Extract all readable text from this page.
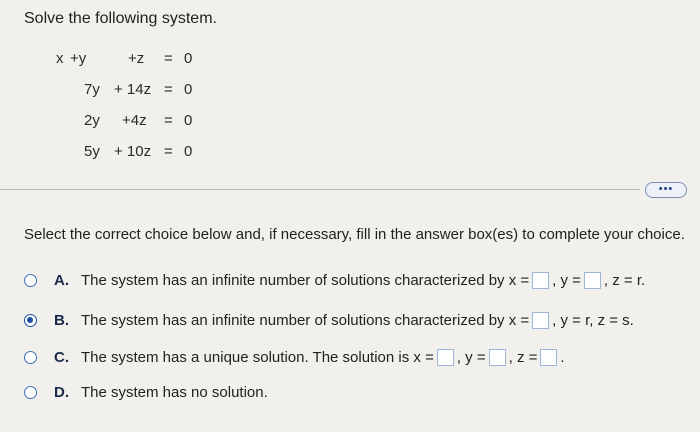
Solve the following system.
x +y	+z = 0
7y + 14z = 0
2y +4z = 0
5y + 10z = 0
•••
Select the correct choice below and, if necessary, fill in the answer box(es) to complete your choice.
A. The system has an infinite number of solutions characterized by x = , y = , z = r.
B. The system has an infinite number of solutions characterized by x = , y = r, z = s.
C. The system has a unique solution. The solution is x = , y = , z = .
D. The system has no solution.
